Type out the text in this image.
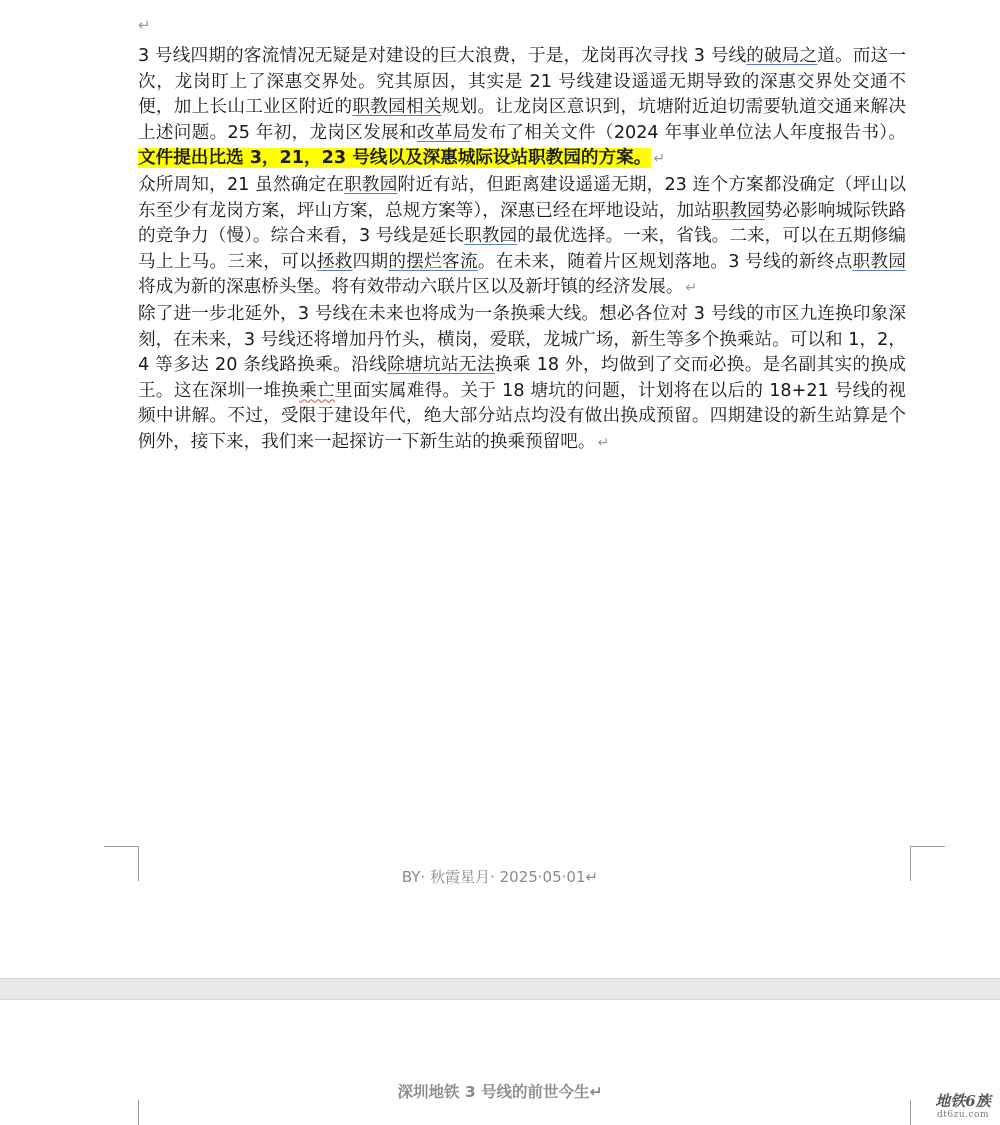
↵

3 号线四期的客流情况无疑是对建设的巨大浪费，于是，龙岗再次寻找 3 号线的破局之道。而这一次，龙岗盯上了深惠交界处。究其原因，其实是 21 号线建设遥遥无期导致的深惠交界处交通不便，加上长山工业区附近的职教园相关规划。让龙岗区意识到，坑塘附近迫切需要轨道交通来解决上述问题。25 年初，龙岗区发展和改革局发布了相关文件（2024 年事业单位法人年度报告书）。文件提出比选 3，21，23 号线以及深惠城际设站职教园的方案。 ↵

众所周知，21 虽然确定在职教园附近有站，但距离建设遥遥无期，23 连个方案都没确定（坪山以东至少有龙岗方案，坪山方案，总规方案等），深惠已经在坪地设站，加站职教园势必影响城际铁路的竞争力（慢）。综合来看，3 号线是延长职教园的最优选择。一来，省钱。二来，可以在五期修编马上上马。三来，可以拯救四期的摆烂客流。在未来，随着片区规划落地。3 号线的新终点职教园将成为新的深惠桥头堡。将有效带动六联片区以及新圩镇的经济发展。 ↵

除了进一步北延外，3 号线在未来也将成为一条换乘大线。想必各位对 3 号线的市区九连换印象深刻，在未来，3 号线还将增加丹竹头，横岗，爱联，龙城广场，新生等多个换乘站。可以和 1，2，4 等多达 20 条线路换乘。沿线除塘坑站无法换乘 18 外，均做到了交而必换。是名副其实的换成王。这在深圳一堆换乘亡里面实属难得。关于 18 塘坑的问题，计划将在以后的 18+21 号线的视频中讲解。不过，受限于建设年代，绝大部分站点均没有做出换成预留。四期建设的新生站算是个例外，接下来，我们来一起探访一下新生站的换乘预留吧。 ↵

BY· 秋霞星月· 2025·05·01↵
深圳地铁 3 号线的前世今生↵	地铁6族
dt6zu.com
